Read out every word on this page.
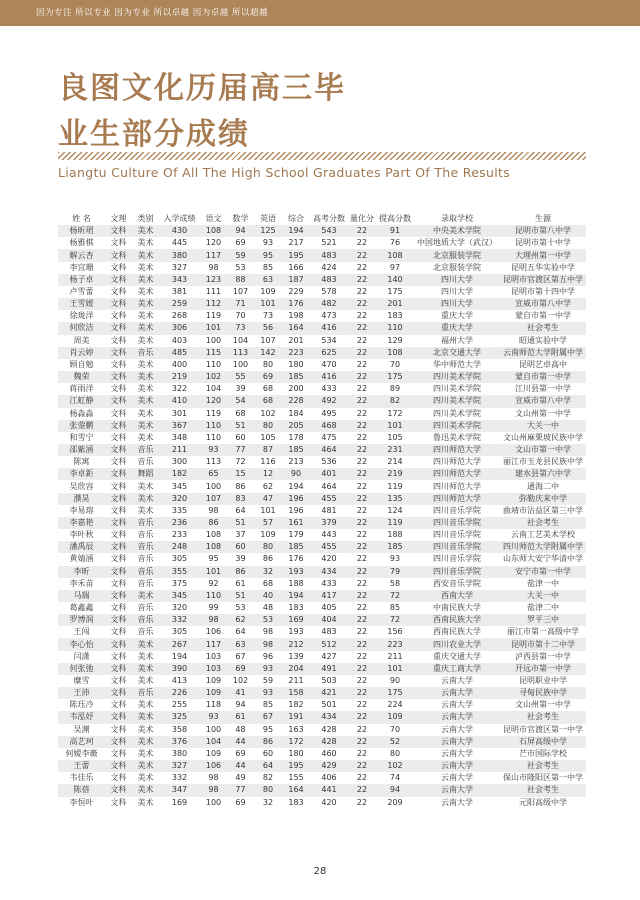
因为专注 所以专业 因为专业 所以卓越 因为卓越 所以超越
良图文化历届高三毕
业生部分成绩
Liangtu Culture Of All The High School Graduates Part Of The Results
姓 名	文理	类别	入学成绩	语文	数学	英语	综合	高考分数	量化分	提高分数	录取学校	生源
杨昕珺	文科	美术	430	108	94	125	194	543	22	91	中央美术学院	昆明市第八中学
杨雅棋	文科	美术	445	120	69	93	217	521	22	76	中国地质大学（武汉）	昆明市第十中学
解云杏	文科	美术	380	117	59	95	195	483	22	108	北京服装学院	大理州第一中学
李宜珊	文科	美术	327	98	53	85	166	424	22	97	北京服装学院	昆明五华实验中学
杨子卓	文科	美术	343	123	88	63	187	483	22	140	四川大学	昆明市官渡区第五中学
卢雪蕾	文科	美术	381	111	107	109	229	578	22	175	四川大学	昆明市第十四中学
王雪媛	文科	美术	259	112	71	101	176	482	22	201	四川大学	宣威市第八中学
徐珑洋	文科	美术	268	119	70	73	198	473	22	183	重庆大学	蒙自市第一中学
何欣洁	文科	美术	306	101	73	56	164	416	22	110	重庆大学	社会考生
周美	文科	美术	403	100	104	107	201	534	22	129	福州大学	昭通实验中学
肖云婷	文科	音乐	485	115	113	142	223	625	22	108	北京交通大学	云南师范大学附属中学
顾自勉	文科	美术	400	110	100	80	180	470	22	70	华中师范大学	昆明艺卓高中
魏荣	文科	美术	219	102	55	69	185	416	22	175	四川美术学院	蒙自市第一中学
蒋雨洋	文科	美术	322	104	39	68	200	433	22	89	四川美术学院	江川县第一中学
江虹静	文科	美术	410	120	54	68	228	492	22	82	四川美术学院	宣威市第八中学
杨淼淼	文科	美术	301	119	68	102	184	495	22	172	四川美术学院	文山州第一中学
张蓥鹏	文科	美术	367	110	51	80	205	468	22	101	四川美术学院	大关一中
和雪宁	文科	美术	348	110	60	105	178	475	22	105	鲁迅美术学院	文山州麻栗坡民族中学
邵紫涵	文科	音乐	211	93	77	87	185	464	22	231	四川师范大学	文山市第一中学
陈寓	文科	音乐	300	113	72	116	213	536	22	214	四川师范大学	丽江市玉龙县民族中学
李卓鉅	文科	舞蹈	182	65	15	12	90	401	22	219	四川师范大学	建水县第六中学
吴欣容	文科	美术	345	100	86	62	194	464	22	119	四川师范大学	通海二中
濮昊	文科	美术	320	107	83	47	196	455	22	135	四川师范大学	弥勒庆来中学
李易瑢	文科	美术	335	98	64	101	196	481	22	124	四川音乐学院	曲靖市沾益区第三中学
李嘉艳	文科	音乐	236	86	51	57	161	379	22	119	四川音乐学院	社会考生
李叶秋	文科	音乐	233	108	37	109	179	443	22	188	四川音乐学院	云南工艺美术学校
潘禹辰	文科	音乐	248	108	60	80	185	455	22	185	四川音乐学院	四川师范大学附属中学
黄婧涵	文科	音乐	305	95	39	86	176	420	22	93	四川音乐学院	山东师大安宁华清中学
李昕	文科	音乐	355	101	86	32	193	434	22	79	四川音乐学院	安宁市第一中学
李禾苗	文科	音乐	375	92	61	68	188	433	22	58	西安音乐学院	盐津一中
马瑞	文科	美术	345	110	51	40	194	417	22	72	西南大学	大关一中
葛鑫鑫	文科	音乐	320	99	53	48	183	405	22	85	中南民族大学	盐津二中
罗博润	文科	音乐	332	98	62	53	169	404	22	72	西南民族大学	罗平三中
王闯	文科	音乐	305	106	64	98	193	483	22	156	西南民族大学	丽江市第一高级中学
李心怡	文科	美术	267	117	63	98	212	512	22	223	四川农业大学	昆明市第十二中学
闫潇	文科	美术	194	103	67	96	139	427	22	211	重庆交通大学	泸西县第一中学
何张弛	文科	美术	390	103	69	93	204	491	22	101	重庆工商大学	开远市第一中学
糜雪	文科	美术	413	109	102	59	211	503	22	90	云南大学	昆明职业中学
王沛	文科	音乐	226	109	41	93	158	421	22	175	云南大学	寻甸民族中学
陈珏冷	文科	美术	255	118	94	85	182	501	22	224	云南大学	文山州第一中学
韦泓妤	文科	美术	325	93	61	67	191	434	22	109	云南大学	社会考生
吴渊	文科	美术	358	100	48	95	163	428	22	70	云南大学	昆明市官渡区第一中学
高艺珂	文科	美术	376	104	44	86	172	428	22	52	云南大学	石屏高级中学
何嫒李薇	文科	美术	380	109	69	60	180	460	22	80	云南大学	芒市国际学校
王蕾	文科	美术	327	106	44	64	195	429	22	102	云南大学	社会考生
韦佳乐	文科	美术	332	98	49	82	155	406	22	74	云南大学	保山市隆阳区第一中学
陈蓓	文科	美术	347	98	77	80	164	441	22	94	云南大学	社会考生
李恒叶	文科	美术	169	100	69	32	183	420	22	209	云南大学	元阳高级中学
28
